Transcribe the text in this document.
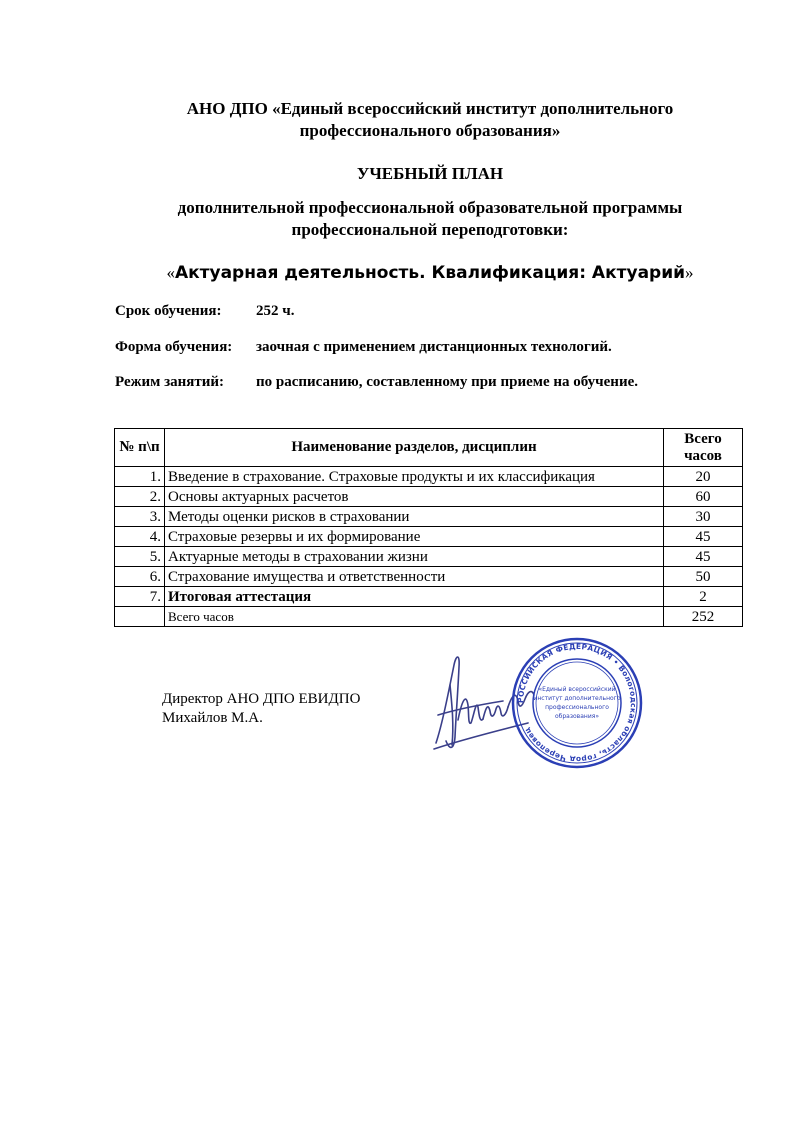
АНО ДПО «Единый всероссийский институт дополнительного
профессионального образования»
УЧЕБНЫЙ ПЛАН
дополнительной профессиональной образовательной программы
профессиональной переподготовки:
«Актуарная деятельность. Квалификация: Актуарий»
Срок обучения: 252 ч.
Форма обучения: заочная с применением дистанционных технологий.
Режим занятий: по расписанию, составленному при приеме на обучение.
№ п\п	Наименование разделов, дисциплин	Всего
часов

1.	Введение в страхование. Страховые продукты и их классификация	20
2.	Основы актуарных расчетов	60
3.	Методы оценки рисков в страховании	30
4.	Страховые резервы и их формирование	45
5.	Актуарные методы в страховании жизни	45
6.	Страхование имущества и ответственности	50
7.	Итоговая аттестация	2
	Всего часов	252
Директор АНО ДПО ЕВИДПО
Михайлов М.А.
РОССИЙСКАЯ ФЕДЕРАЦИЯ • Вологодская область, город Череповец
«Единый всероссийский
институт дополнительного
профессионального
образования»
